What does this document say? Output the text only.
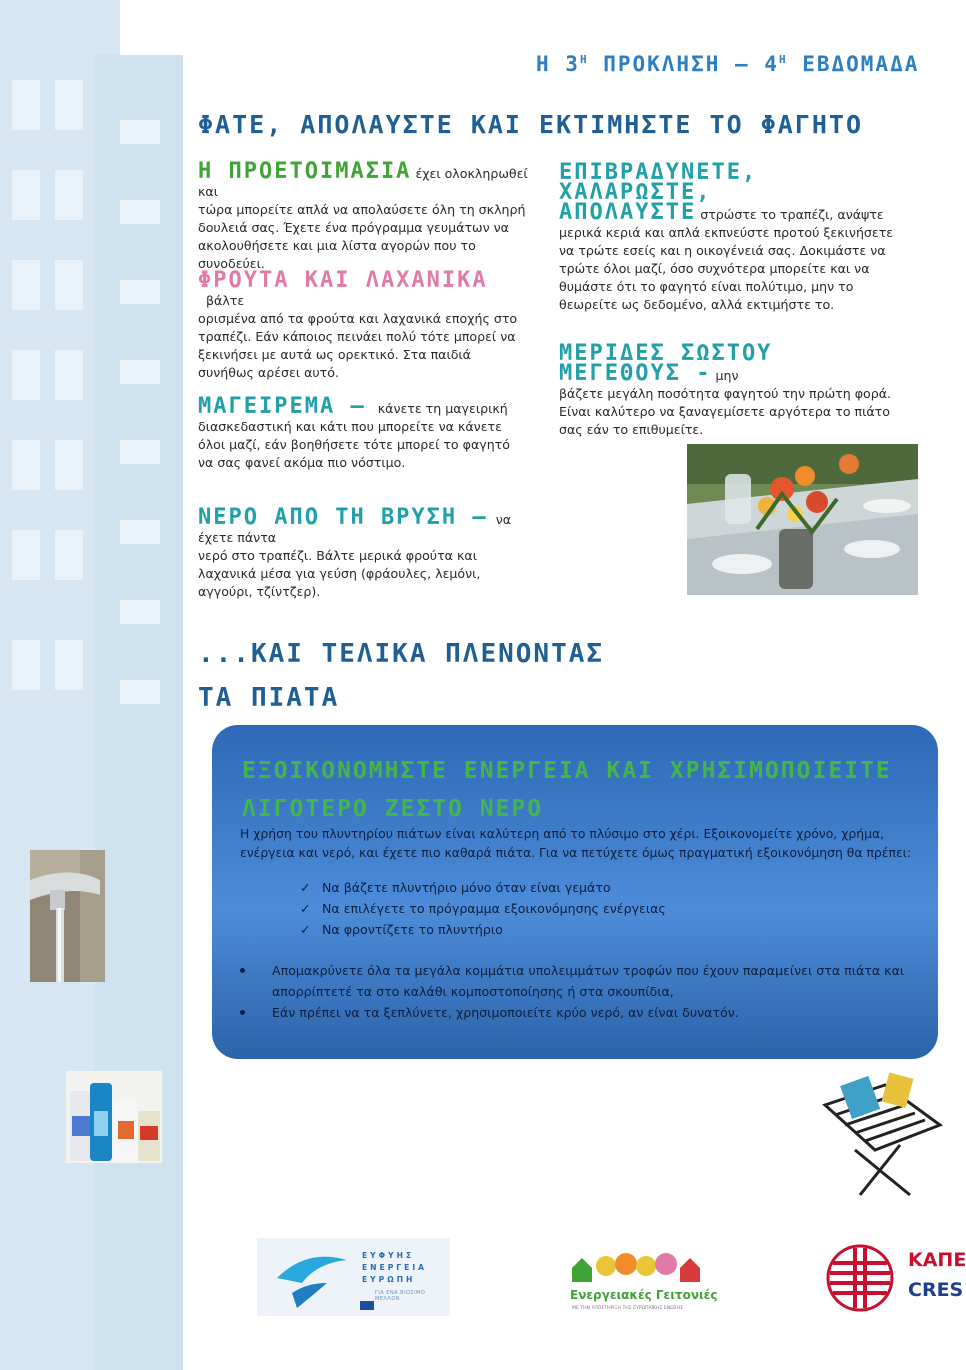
Η $3^H$ ΠΡΟΚΛΗΣΗ – $4^H$ ΕΒΔΟΜΑΔΑ
ΦΑΤΕ, ΑΠΟΛΑΥΣΤΕ ΚΑΙ ΕΚΤΙΜΗΣΤΕ ΤΟ ΦΑΓΗΤΟ
Η ΠΡΟΕΤΟΙΜΑΣΙΑ έχει ολοκληρωθεί και
τώρα μπορείτε απλά να απολαύσετε όλη τη σκληρή δουλειά σας. Έχετε ένα πρόγραμμα γευμάτων να ακολουθήσετε και μια λίστα αγορών που το συνοδεύει.
ΦΡΟΥΤΑ ΚΑΙ ΛΑΧΑΝΙΚΑ   βάλτε
ορισμένα από τα φρούτα και λαχανικά εποχής στο τραπέζι. Εάν κάποιος πεινάει πολύ τότε μπορεί να ξεκινήσει με αυτά ως ορεκτικό. Στα παιδιά συνήθως αρέσει αυτό.
ΜΑΓΕΙΡΕΜΑ – κάνετε τη μαγειρική
διασκεδαστική και κάτι που μπορείτε να κάνετε όλοι μαζί, εάν βοηθήσετε τότε μπορεί το φαγητό να σας φανεί ακόμα πιο νόστιμο.
ΝΕΡΟ ΑΠΟ ΤΗ ΒΡΥΣΗ – να έχετε πάντα
νερό στο τραπέζι. Βάλτε μερικά φρούτα και λαχανικά μέσα για γεύση (φράουλες, λεμόνι, αγγούρι, τζίντζερ).
ΕΠΙΒΡΑΔΥΝΕΤΕ, ΧΑΛΑΡΩΣΤΕ,
ΑΠΟΛΑΥΣΤΕ στρώστε το τραπέζι, ανάψτε
μερικά κεριά και απλά εκπνεύστε προτού ξεκινήσετε να τρώτε εσείς και η οικογένειά σας. Δοκιμάστε να τρώτε όλοι μαζί, όσο συχνότερα μπορείτε και να θυμάστε ότι το φαγητό είναι πολύτιμο, μην το θεωρείτε ως δεδομένο, αλλά εκτιμήστε το.
ΜΕΡΙΔΕΣ ΣΩΣΤΟΥ ΜΕΓΕΘΟΥΣ - μην
βάζετε μεγάλη ποσότητα φαγητού την πρώτη φορά. Είναι καλύτερο να ξαναγεμίσετε αργότερα το πιάτο σας εάν το επιθυμείτε.
...ΚΑΙ ΤΕΛΙΚΑ ΠΛΕΝΟΝΤΑΣ
ΤΑ ΠΙΑΤΑ
ΕΞΟΙΚΟΝΟΜΗΣΤΕ ΕΝΕΡΓΕΙΑ ΚΑΙ ΧΡΗΣΙΜΟΠΟΙΕΙΤΕ ΛΙΓΟΤΕΡΟ ΖΕΣΤΟ ΝΕΡΟ
Η χρήση του πλυντηρίου πιάτων είναι καλύτερη από το πλύσιμο στο χέρι. Εξοικονομείτε χρόνο, χρήμα, ενέργεια και νερό, και έχετε πιο καθαρά πιάτα. Για να πετύχετε όμως πραγματική εξοικονόμηση θα πρέπει:
✓ Να βάζετε πλυντήριο μόνο όταν είναι γεμάτο
✓ Να επιλέγετε το πρόγραμμα εξοικονόμησης ενέργειας
✓ Να φροντίζετε το πλυντήριο
Απομακρύνετε όλα τα μεγάλα κομμάτια υπολειμμάτων τροφών που έχουν παραμείνει στα πιάτα και απορρίπτετέ τα στο καλάθι κομποστοποίησης ή στα σκουπίδια,
Εάν πρέπει να τα ξεπλύνετε, χρησιμοποιείτε κρύο νερό, αν είναι δυνατόν.
ΕΥΦΥΗΣ
ΕΝΕΡΓΕΙΑ
ΕΥΡΩΠΗ
ΓΙΑ ΕΝΑ ΒΙΩΣΙΜΟ ΜΕΛΛΟΝ	Ενεργειακές Γειτονιές
ΜΕ ΤΗΝ ΥΠΟΣΤΗΡΙΞΗ ΤΗΣ ΕΥΡΩΠΑΪΚΗΣ ΕΝΩΣΗΣ
ΚΑΠΕ
CRES
